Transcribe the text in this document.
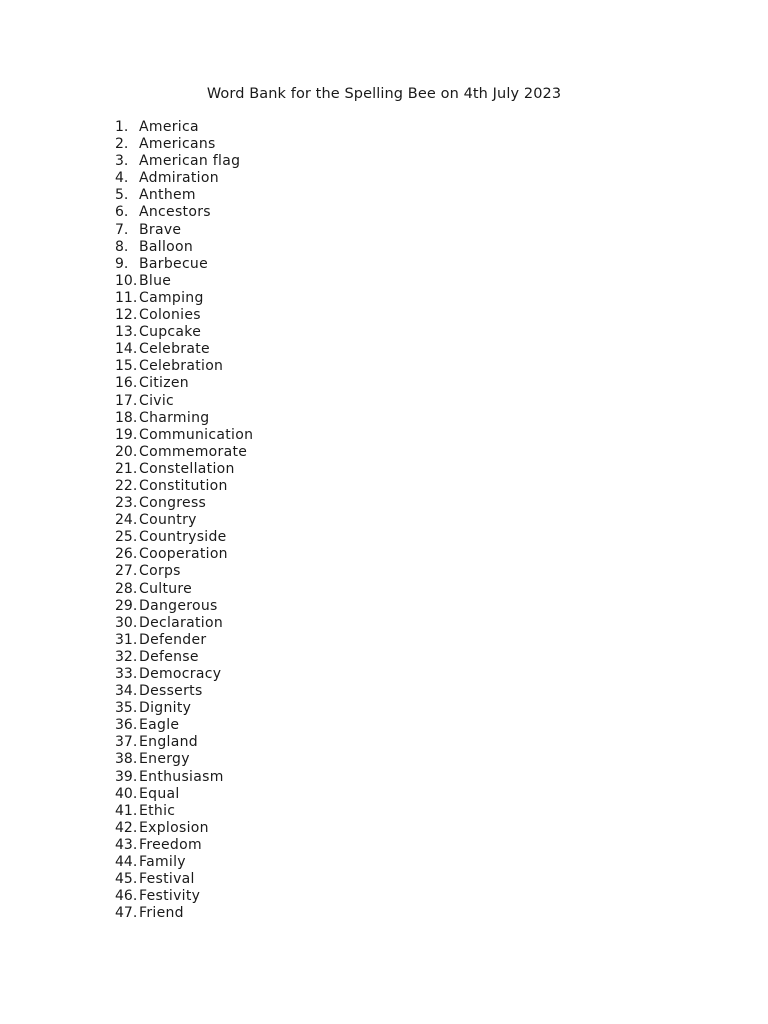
Word Bank for the Spelling Bee on 4th July 2023
1. America
2. Americans
3. American flag
4. Admiration
5. Anthem
6. Ancestors
7. Brave
8. Balloon
9. Barbecue
10. Blue
11. Camping
12. Colonies
13. Cupcake
14. Celebrate
15. Celebration
16. Citizen
17. Civic
18. Charming
19. Communication
20. Commemorate
21. Constellation
22. Constitution
23. Congress
24. Country
25. Countryside
26. Cooperation
27. Corps
28. Culture
29. Dangerous
30. Declaration
31. Defender
32. Defense
33. Democracy
34. Desserts
35. Dignity
36. Eagle
37. England
38. Energy
39. Enthusiasm
40. Equal
41. Ethic
42. Explosion
43. Freedom
44. Family
45. Festival
46. Festivity
47. Friend
